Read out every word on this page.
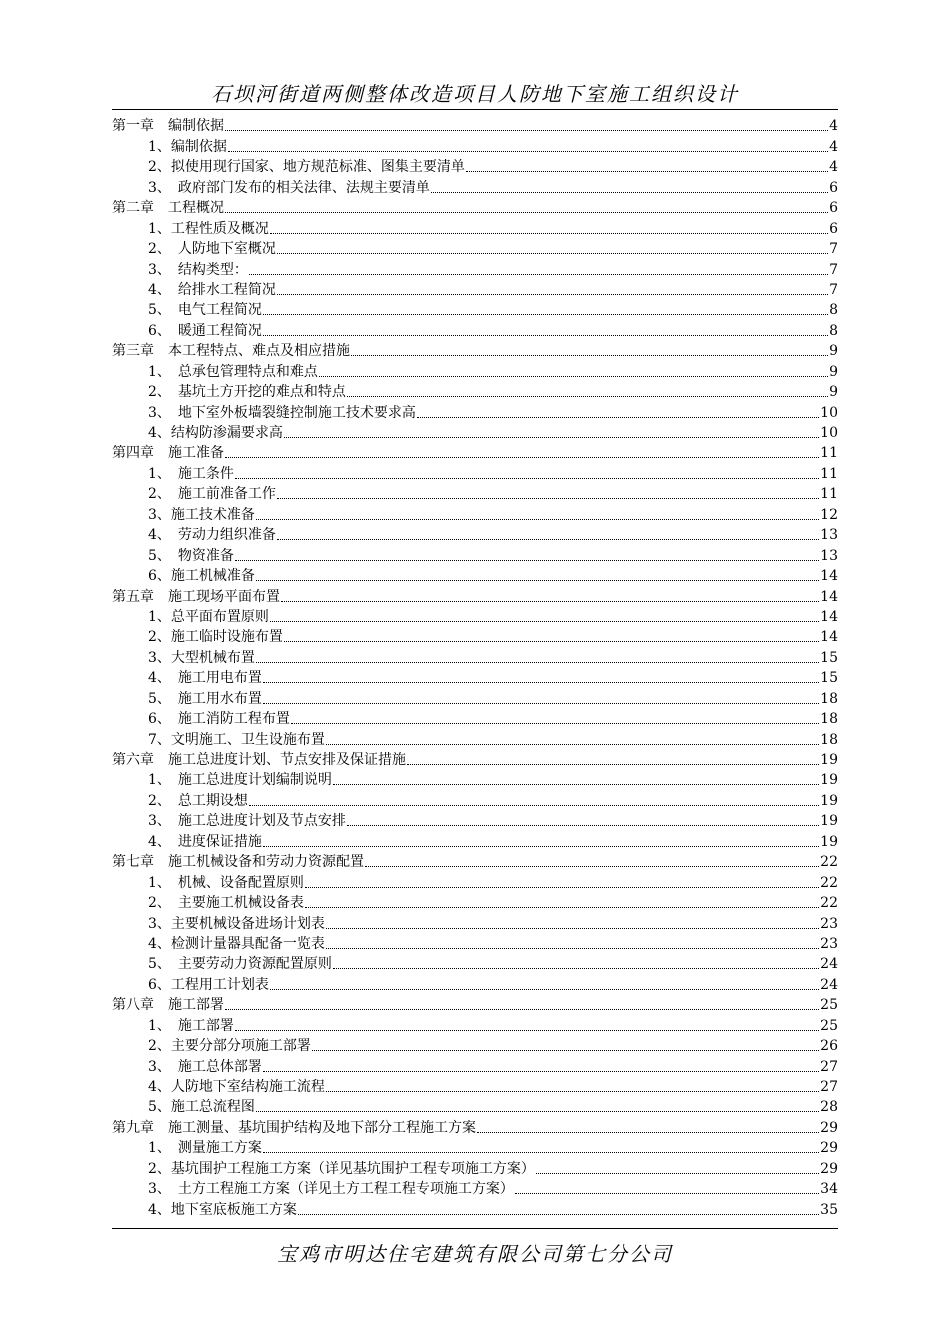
石坝河街道两侧整体改造项目人防地下室施工组织设计
第一章　编制依据	4
1、编制依据	4
2、拟使用现行国家、地方规范标准、图集主要清单	4
3、　政府部门发布的相关法律、法规主要清单	6
第二章　工程概况	6
1、工程性质及概况	6
2、　人防地下室概况	7
3、　结构类型：	7
4、　给排水工程简况	7
5、　电气工程简况	8
6、　暖通工程简况	8
第三章　本工程特点、难点及相应措施	9
1、　总承包管理特点和难点	9
2、　基坑土方开挖的难点和特点	9
3、　地下室外板墙裂缝控制施工技术要求高	10
4、结构防渗漏要求高	10
第四章　施工准备	11
1、　施工条件	11
2、　施工前准备工作	11
3、施工技术准备	12
4、　劳动力组织准备	13
5、　物资准备	13
6、施工机械准备	14
第五章　施工现场平面布置	14
1、总平面布置原则	14
2、施工临时设施布置	14
3、大型机械布置	15
4、　施工用电布置	15
5、　施工用水布置	18
6、　施工消防工程布置	18
7、文明施工、卫生设施布置	18
第六章　施工总进度计划、节点安排及保证措施	19
1、　施工总进度计划编制说明	19
2、　总工期设想	19
3、　施工总进度计划及节点安排	19
4、　进度保证措施	19
第七章　施工机械设备和劳动力资源配置	22
1、　机械、设备配置原则	22
2、　主要施工机械设备表	22
3、主要机械设备进场计划表	23
4、检测计量器具配备一览表	23
5、　主要劳动力资源配置原则	24
6、工程用工计划表	24
第八章　施工部署	25
1、　施工部署	25
2、主要分部分项施工部署	26
3、　施工总体部署	27
4、人防地下室结构施工流程	27
5、施工总流程图	28
第九章　施工测量、基坑围护结构及地下部分工程施工方案	29
1、　测量施工方案	29
2、基坑围护工程施工方案（详见基坑围护工程专项施工方案）	29
3、　土方工程施工方案（详见土方工程工程专项施工方案）	34
4、地下室底板施工方案	35
宝鸡市明达住宅建筑有限公司第七分公司
